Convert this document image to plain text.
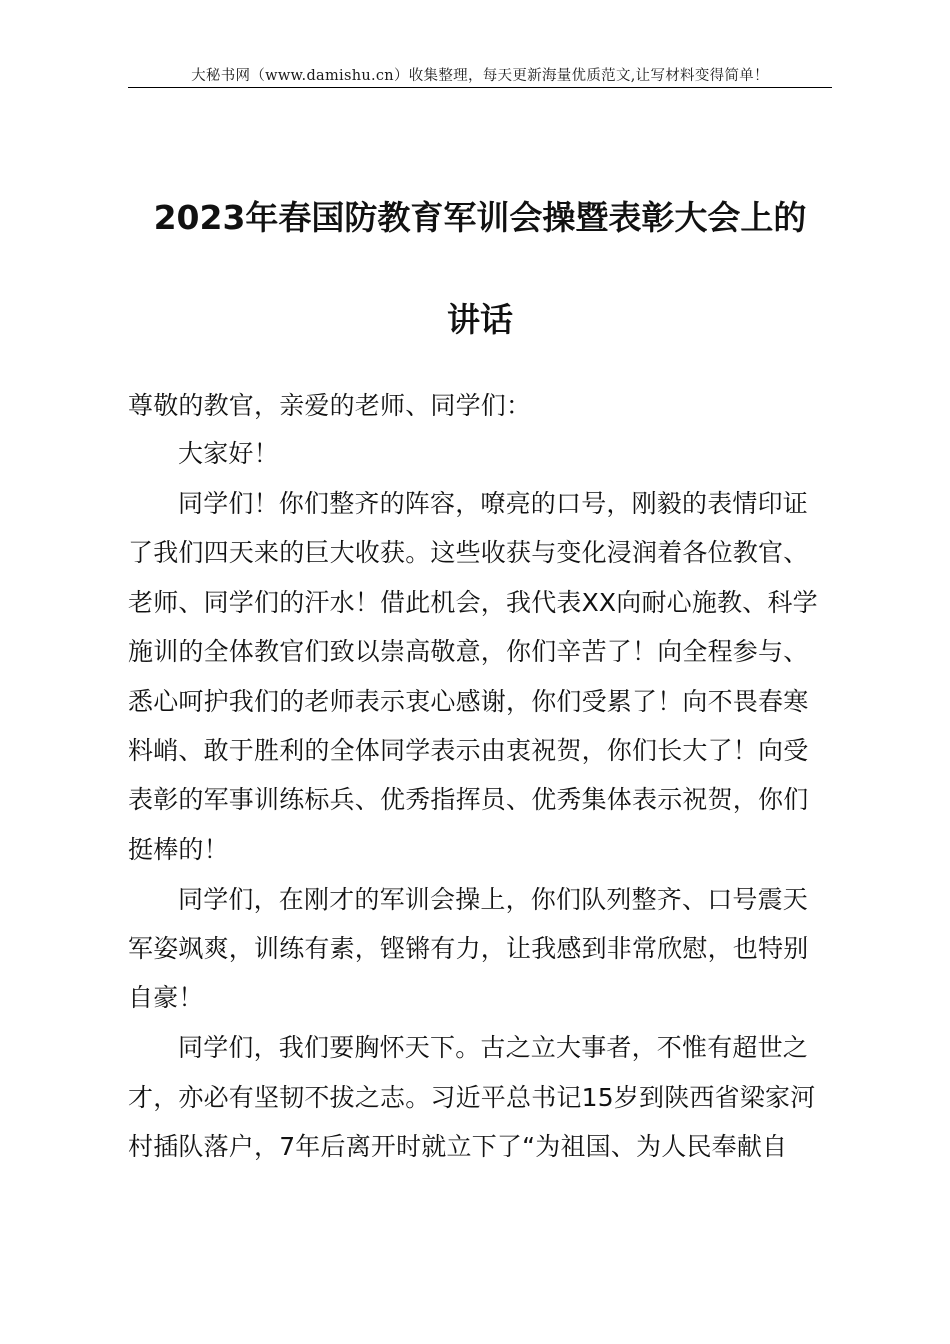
大秘书网（www.damishu.cn）收集整理，每天更新海量优质范文,让写材料变得简单！
2023年春国防教育军训会操暨表彰大会上的
讲话
尊敬的教官，亲爱的老师、同学们：
大家好！
同学们！你们整齐的阵容，嘹亮的口号，刚毅的表情印证
了我们四天来的巨大收获。这些收获与变化浸润着各位教官、
老师、同学们的汗水！借此机会，我代表XX向耐心施教、科学
施训的全体教官们致以崇高敬意，你们辛苦了！向全程参与、
悉心呵护我们的老师表示衷心感谢，你们受累了！向不畏春寒
料峭、敢于胜利的全体同学表示由衷祝贺，你们长大了！向受
表彰的军事训练标兵、优秀指挥员、优秀集体表示祝贺，你们
挺棒的！
同学们，在刚才的军训会操上，你们队列整齐、口号震天
军姿飒爽，训练有素，铿锵有力，让我感到非常欣慰，也特别
自豪！
同学们，我们要胸怀天下。古之立大事者，不惟有超世之
才，亦必有坚韧不拔之志。习近平总书记15岁到陕西省梁家河
村插队落户，7年后离开时就立下了“为祖国、为人民奉献自
